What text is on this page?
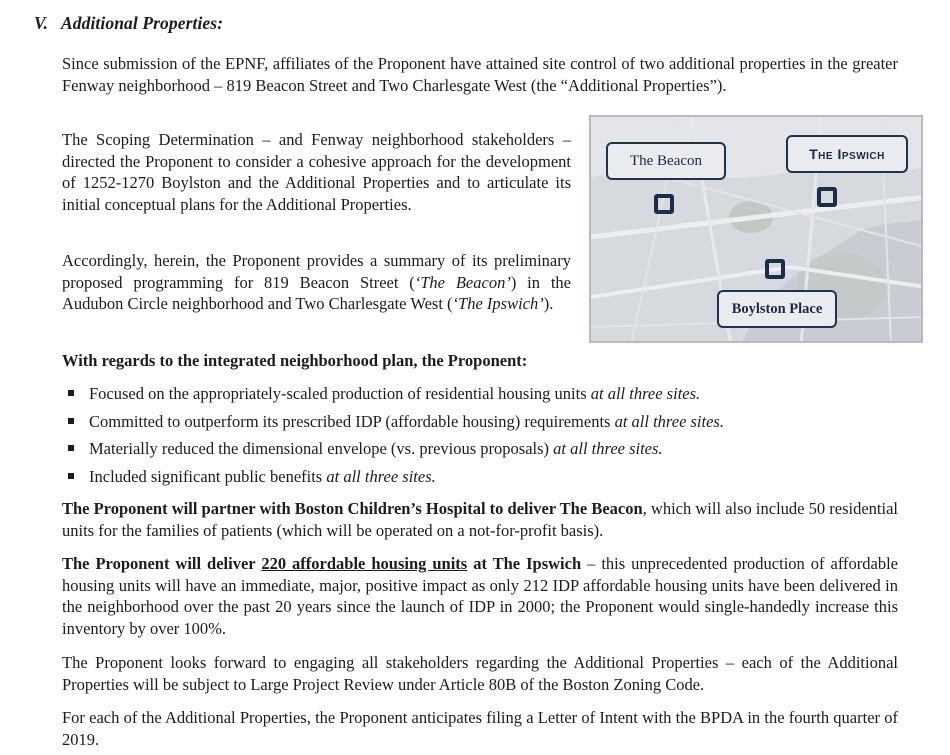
V. Additional Properties:

Since submission of the EPNF, affiliates of the Proponent have attained site control of two additional properties in the greater Fenway neighborhood – 819 Beacon Street and Two Charlesgate West (the “Additional Properties”).

The Scoping Determination – and Fenway neighborhood stakeholders – directed the Proponent to consider a cohesive approach for the development of 1252-1270 Boylston and the Additional Properties and to articulate its initial conceptual plans for the Additional Properties.

Accordingly, herein, the Proponent provides a summary of its preliminary proposed programming for 819 Beacon Street (‘The Beacon’) in the Audubon Circle neighborhood and Two Charlesgate West (‘The Ipswich’).

The Beacon	The Ipswich
Boylston Place

With regards to the integrated neighborhood plan, the Proponent:

Focused on the appropriately-scaled production of residential housing units at all three sites.
Committed to outperform its prescribed IDP (affordable housing) requirements at all three sites.
Materially reduced the dimensional envelope (vs. previous proposals) at all three sites.
Included significant public benefits at all three sites.

The Proponent will partner with Boston Children’s Hospital to deliver The Beacon, which will also include 50 residential units for the families of patients (which will be operated on a not-for-profit basis).

The Proponent will deliver 220 affordable housing units at The Ipswich – this unprecedented production of affordable housing units will have an immediate, major, positive impact as only 212 IDP affordable housing units have been delivered in the neighborhood over the past 20 years since the launch of IDP in 2000; the Proponent would single-handedly increase this inventory by over 100%.

The Proponent looks forward to engaging all stakeholders regarding the Additional Properties – each of the Additional Properties will be subject to Large Project Review under Article 80B of the Boston Zoning Code.

For each of the Additional Properties, the Proponent anticipates filing a Letter of Intent with the BPDA in the fourth quarter of 2019.
